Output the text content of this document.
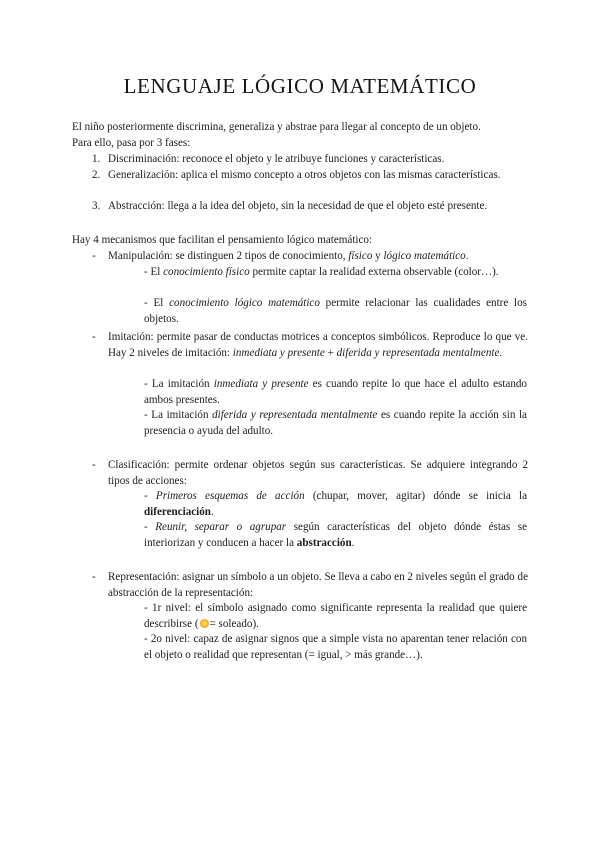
LENGUAJE LÓGICO MATEMÁTICO

El niño posteriormente discrimina, generaliza y abstrae para llegar al concepto de un objeto.
Para ello, pasa por 3 fases:

1. Discriminación: reconoce el objeto y le atribuye funciones y características.

2. Generalización: aplica el mismo concepto a otros objetos con las mismas características.

3. Abstracción: llega a la idea del objeto, sin la necesidad de que el objeto esté presente.

Hay 4 mecanismos que facilitan el pensamiento lógico matemático:

- Manipulación: se distinguen 2 tipos de conocimiento, físico y lógico matemático.

- El conocimiento físico permite captar la realidad externa observable (color…).

- El conocimiento lógico matemático permite relacionar las cualidades entre los objetos.

- Imitación: permite pasar de conductas motrices a conceptos simbólicos. Reproduce lo que ve. Hay 2 niveles de imitación: inmediata y presente + diferida y representada mentalmente.

- La imitación inmediata y presente es cuando repite lo que hace el adulto estando ambos presentes.

- La imitación diferida y representada mentalmente es cuando repite la acción sin la presencia o ayuda del adulto.

- Clasificación: permite ordenar objetos según sus características. Se adquiere integrando 2 tipos de acciones:

- Primeros esquemas de acción (chupar, mover, agitar) dónde se inicia la diferenciación.

- Reunir, separar o agrupar según características del objeto dónde éstas se interiorizan y conducen a hacer la abstracción.

- Representación: asignar un símbolo a un objeto. Se lleva a cabo en 2 niveles según el grado de abstracción de la representación:

- 1r nivel: el símbolo asignado como significante representa la realidad que quiere describirse ( = soleado).

- 2o nivel: capaz de asignar signos que a simple vista no aparentan tener relación con el objeto o realidad que representan (= igual, > más grande…).
